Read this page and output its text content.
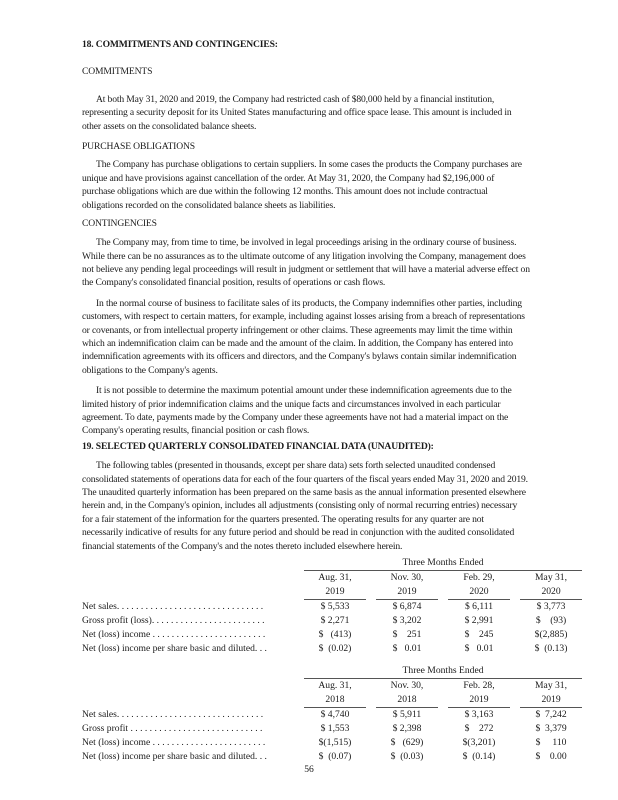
18. COMMITMENTS AND CONTINGENCIES:
COMMITMENTS
At both May 31, 2020 and 2019, the Company had restricted cash of $80,000 held by a financial institution,
representing a security deposit for its United States manufacturing and office space lease. This amount is included in
other assets on the consolidated balance sheets.
PURCHASE OBLIGATIONS
The Company has purchase obligations to certain suppliers. In some cases the products the Company purchases are
unique and have provisions against cancellation of the order. At May 31, 2020, the Company had $2,196,000 of
purchase obligations which are due within the following 12 months. This amount does not include contractual
obligations recorded on the consolidated balance sheets as liabilities.
CONTINGENCIES
The Company may, from time to time, be involved in legal proceedings arising in the ordinary course of business.
While there can be no assurances as to the ultimate outcome of any litigation involving the Company, management does
not believe any pending legal proceedings will result in judgment or settlement that will have a material adverse effect on
the Company's consolidated financial position, results of operations or cash flows.
In the normal course of business to facilitate sales of its products, the Company indemnifies other parties, including
customers, with respect to certain matters, for example, including against losses arising from a breach of representations
or covenants, or from intellectual property infringement or other claims. These agreements may limit the time within
which an indemnification claim can be made and the amount of the claim. In addition, the Company has entered into
indemnification agreements with its officers and directors, and the Company's bylaws contain similar indemnification
obligations to the Company's agents.
It is not possible to determine the maximum potential amount under these indemnification agreements due to the
limited history of prior indemnification claims and the unique facts and circumstances involved in each particular
agreement. To date, payments made by the Company under these agreements have not had a material impact on the
Company's operating results, financial position or cash flows.
19. SELECTED QUARTERLY CONSOLIDATED FINANCIAL DATA (UNAUDITED):
The following tables (presented in thousands, except per share data) sets forth selected unaudited condensed
consolidated statements of operations data for each of the four quarters of the fiscal years ended May 31, 2020 and 2019.
The unaudited quarterly information has been prepared on the same basis as the annual information presented elsewhere
herein and, in the Company's opinion, includes all adjustments (consisting only of normal recurring entries) necessary
for a fair statement of the information for the quarters presented. The operating results for any quarter are not
necessarily indicative of results for any future period and should be read in conjunction with the audited consolidated
financial statements of the Company's and the notes thereto included elsewhere herein.
		Three Months Ended						
		Aug. 31,		Nov. 30,		Feb. 29,		May 31,
		2019		2019		2020		2020
Net sales. . . . . . . . . . . . . . . . . . . . . . . . . . . . . . .		$ 5,533		$ 6,874		$ 6,111		$ 3,773
Gross profit (loss). . . . . . . . . . . . . . . . . . . . . . . .		$ 2,271		$ 3,202		$ 2,991		$    (93)
Net (loss) income . . . . . . . . . . . . . . . . . . . . . . . .		$   (413)		$    251		$    245		$(2,885)
Net (loss) income per share basic and diluted. . .		$  (0.02)		$   0.01		$   0.01		$  (0.13)
		Three Months Ended						
		Aug. 31,		Nov. 30,		Feb. 28,		May 31,
		2018		2018		2019		2019
Net sales. . . . . . . . . . . . . . . . . . . . . . . . . . . . . . .		$ 4,740		$ 5,911		$ 3,163		$  7,242
Gross profit . . . . . . . . . . . . . . . . . . . . . . . . . . . .		$ 1,553		$ 2,398		$    272		$  3,379
Net (loss) income . . . . . . . . . . . . . . . . . . . . . . . .		$(1,515)		$   (629)		$(3,201)		$     110
Net (loss) income per share basic and diluted. . .		$  (0.07)		$  (0.03)		$  (0.14)		$    0.00
56
